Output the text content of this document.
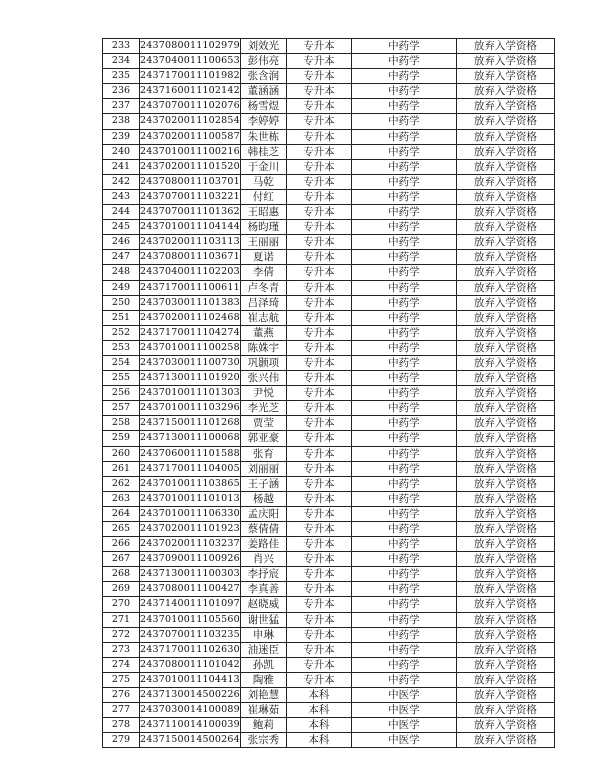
233	2437080011102979	刘效光	专升本	中药学	放弃入学资格
234	2437040011100653	彭伟亮	专升本	中药学	放弃入学资格
235	2437170011101982	张含润	专升本	中药学	放弃入学资格
236	2437160011102142	董涵涵	专升本	中药学	放弃入学资格
237	2437070011102076	杨雪煜	专升本	中药学	放弃入学资格
238	2437020011102854	李婷婷	专升本	中药学	放弃入学资格
239	2437020011100587	朱世栋	专升本	中药学	放弃入学资格
240	2437010011100216	韩桂芝	专升本	中药学	放弃入学资格
241	2437020011101520	于金川	专升本	中药学	放弃入学资格
242	2437080011103701	马乾	专升本	中药学	放弃入学资格
243	2437070011103221	付红	专升本	中药学	放弃入学资格
244	2437070011101362	王昭惠	专升本	中药学	放弃入学资格
245	2437010011104144	杨昀瑾	专升本	中药学	放弃入学资格
246	2437020011103113	王丽丽	专升本	中药学	放弃入学资格
247	2437080011103671	夏诺	专升本	中药学	放弃入学资格
248	2437040011102203	李倩	专升本	中药学	放弃入学资格
249	2437170011100611	卢冬青	专升本	中药学	放弃入学资格
250	2437030011101383	吕泽琦	专升本	中药学	放弃入学资格
251	2437020011102468	崔志航	专升本	中药学	放弃入学资格
252	2437170011104274	董燕	专升本	中药学	放弃入学资格
253	2437010011100258	陈姝宇	专升本	中药学	放弃入学资格
254	2437030011100730	巩颢项	专升本	中药学	放弃入学资格
255	2437130011101920	张兴伟	专升本	中药学	放弃入学资格
256	2437010011101303	尹悦	专升本	中药学	放弃入学资格
257	2437010011103296	李光芝	专升本	中药学	放弃入学资格
258	2437150011101268	贾莹	专升本	中药学	放弃入学资格
259	2437130011100068	郭亚豪	专升本	中药学	放弃入学资格
260	2437060011101588	张育	专升本	中药学	放弃入学资格
261	2437170011104005	刘丽丽	专升本	中药学	放弃入学资格
262	2437010011103865	王子涵	专升本	中药学	放弃入学资格
263	2437010011101013	杨越	专升本	中药学	放弃入学资格
264	2437010011106330	孟庆阳	专升本	中药学	放弃入学资格
265	2437020011101923	蔡倩倩	专升本	中药学	放弃入学资格
266	2437020011103237	姜路佳	专升本	中药学	放弃入学资格
267	2437090011100926	肖兴	专升本	中药学	放弃入学资格
268	2437130011100303	李抒宸	专升本	中药学	放弃入学资格
269	2437080011100427	李真善	专升本	中药学	放弃入学资格
270	2437140011101097	赵晓威	专升本	中药学	放弃入学资格
271	2437010011105560	谢世猛	专升本	中药学	放弃入学资格
272	2437070011103235	申琳	专升本	中药学	放弃入学资格
273	2437170011102630	油迷臣	专升本	中药学	放弃入学资格
274	2437080011101042	孙凯	专升本	中药学	放弃入学资格
275	2437010011104413	陶雅	专升本	中药学	放弃入学资格
276	2437130014500226	刘艳慧	本科	中医学	放弃入学资格
277	2437030014100089	崔琳茹	本科	中医学	放弃入学资格
278	2437110014100039	鲍莉	本科	中医学	放弃入学资格
279	2437150014500264	张宗秀	本科	中医学	放弃入学资格
